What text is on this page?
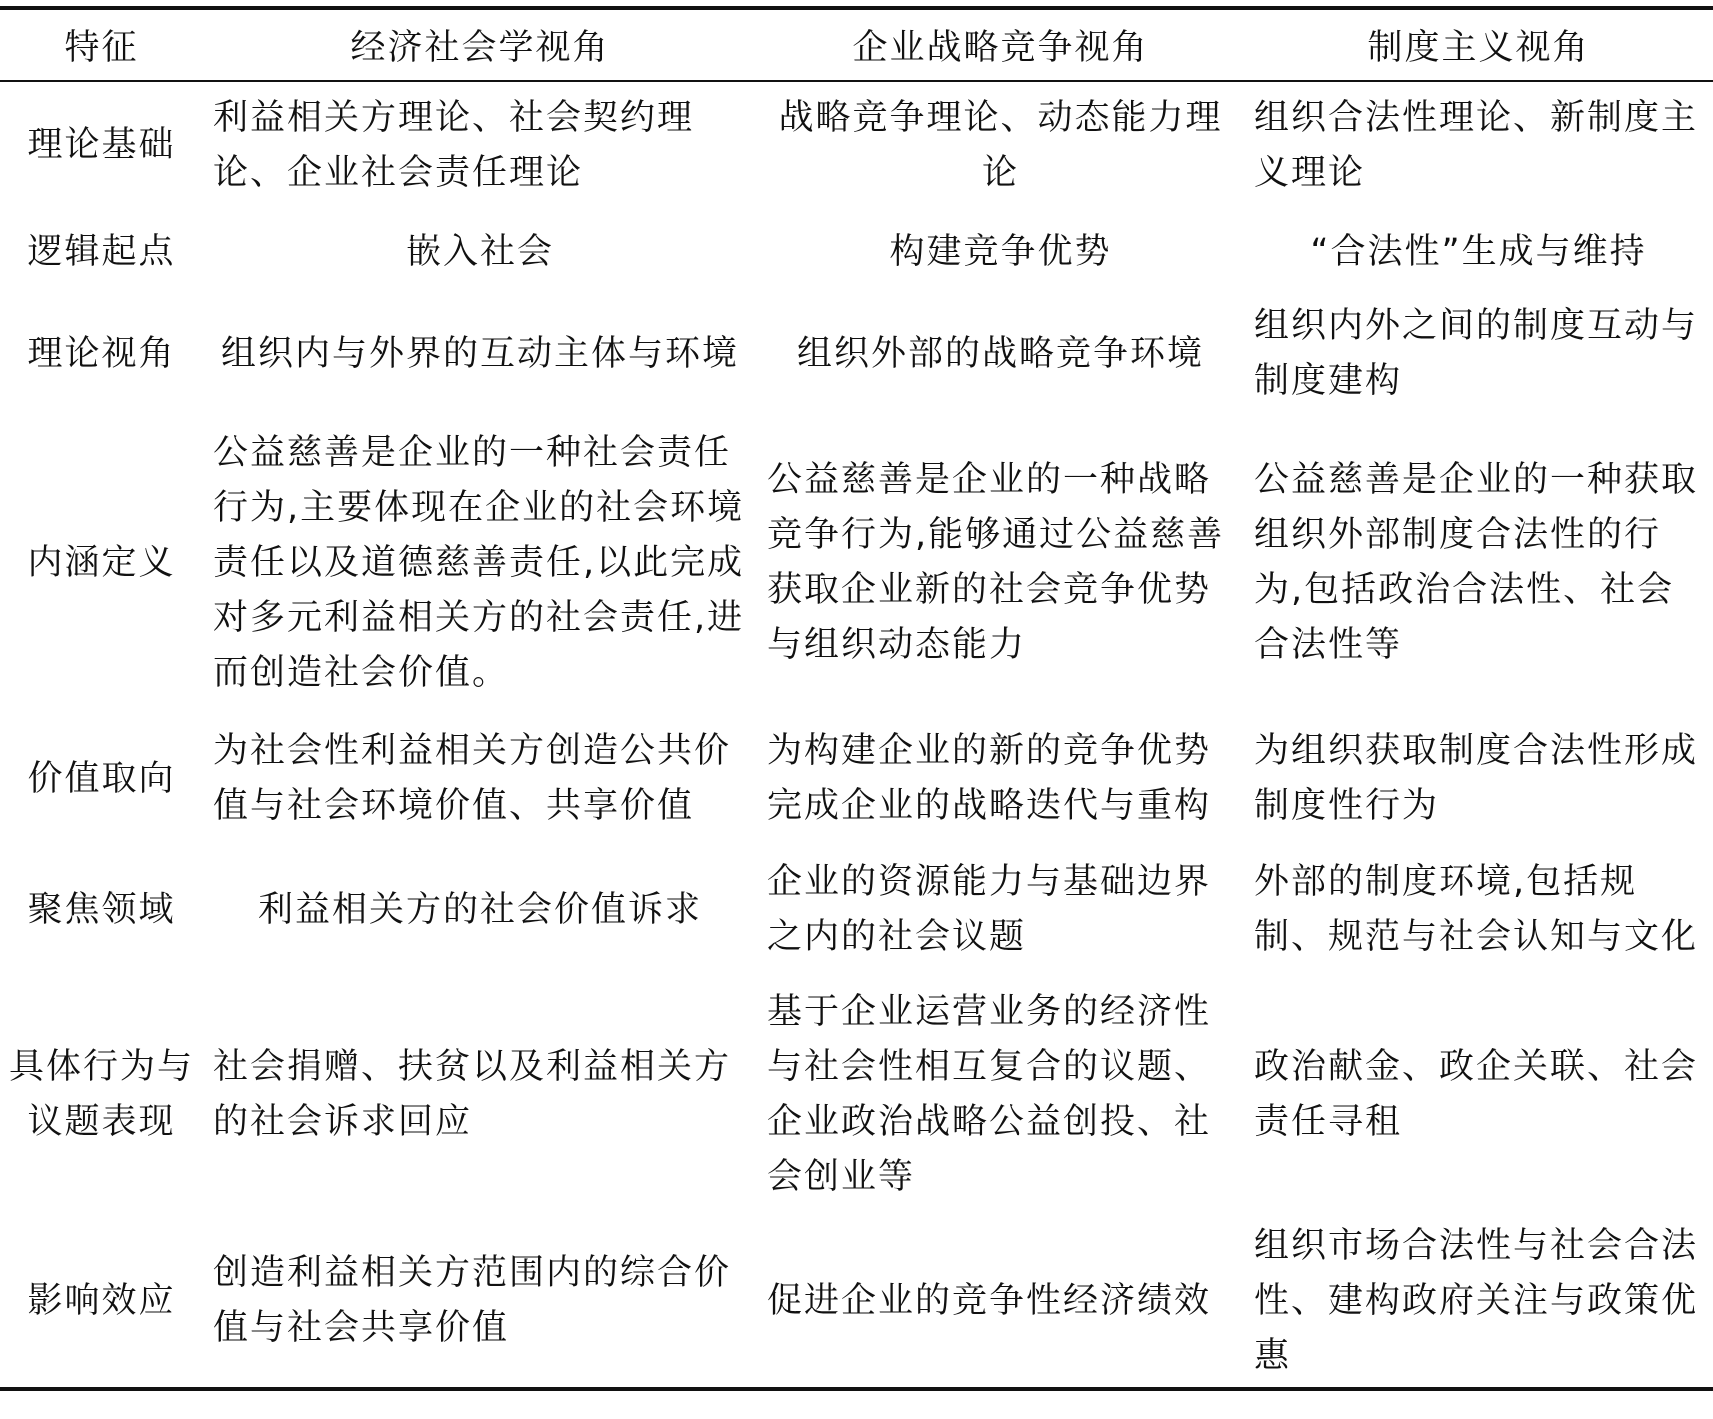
特征	经济社会学视角	企业战略竞争视角	制度主义视角
理论基础	利益相关方理论、社会契约理论、企业社会责任理论	战略竞争理论、动态能力理论	组织合法性理论、新制度主义理论
逻辑起点	嵌入社会	构建竞争优势	“合法性”生成与维持
理论视角	组织内与外界的互动主体与环境	组织外部的战略竞争环境	组织内外之间的制度互动与制度建构
内涵定义	公益慈善是企业的一种社会责任行为,主要体现在企业的社会环境责任以及道德慈善责任,以此完成对多元利益相关方的社会责任,进而创造社会价值。	公益慈善是企业的一种战略竞争行为,能够通过公益慈善获取企业新的社会竞争优势与组织动态能力	公益慈善是企业的一种获取组织外部制度合法性的行为,包括政治合法性、社会合法性等
价值取向	为社会性利益相关方创造公共价值与社会环境价值、共享价值	为构建企业的新的竞争优势完成企业的战略迭代与重构	为组织获取制度合法性形成制度性行为
聚焦领域	利益相关方的社会价值诉求	企业的资源能力与基础边界之内的社会议题	外部的制度环境,包括规制、规范与社会认知与文化
具体行为与议题表现	社会捐赠、扶贫以及利益相关方的社会诉求回应	基于企业运营业务的经济性与社会性相互复合的议题、企业政治战略公益创投、社会创业等	政治献金、政企关联、社会责任寻租
影响效应	创造利益相关方范围内的综合价值与社会共享价值	促进企业的竞争性经济绩效	组织市场合法性与社会合法性、建构政府关注与政策优惠
